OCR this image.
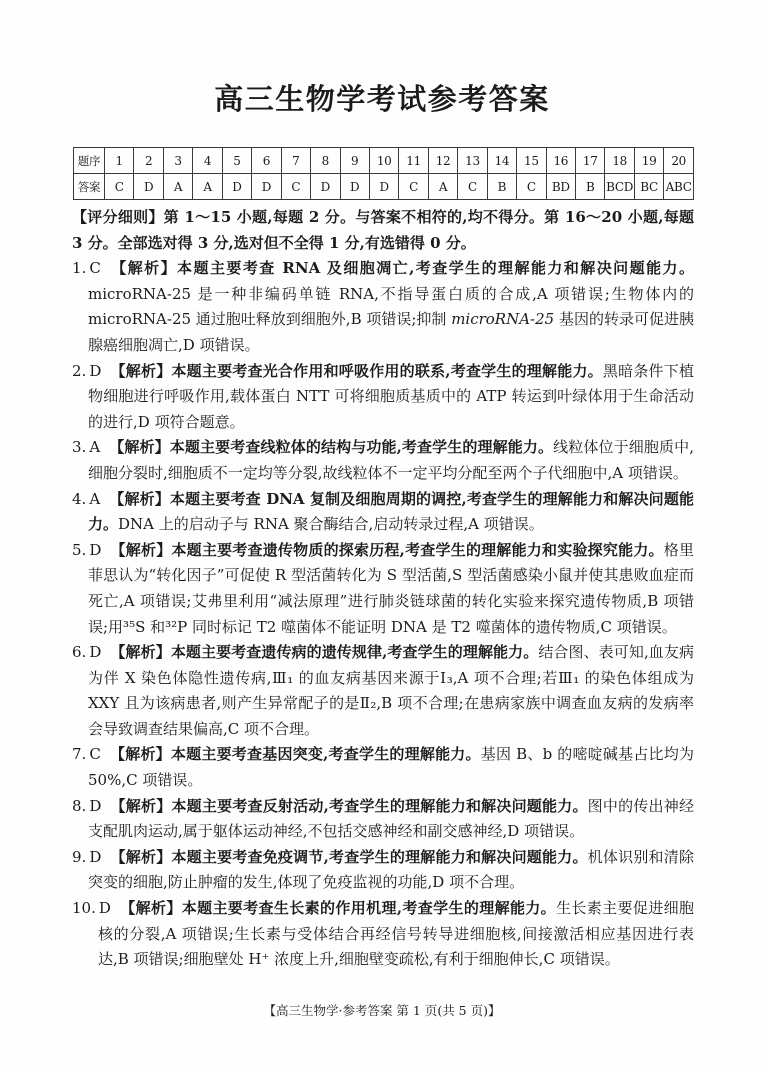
高三生物学考试参考答案
题序	1	2	3	4	5	6	7	8	9	10	11	12	13	14	15	16	17	18	19	20
答案	C	D	A	A	D	D	C	D	D	D	C	A	C	B	C	BD	B	BCD	BC	ABC

【评分细则】第 1～15 小题,每题 2 分。与答案不相符的,均不得分。第 16～20 小题,每题 3 分。全部选对得 3 分,选对但不全得 1 分,有选错得 0 分。

1. C 【解析】本题主要考查 RNA 及细胞凋亡,考查学生的理解能力和解决问题能力。microRNA-25 是一种非编码单链 RNA,不指导蛋白质的合成,A 项错误;生物体内的 microRNA-25 通过胞吐释放到细胞外,B 项错误;抑制 microRNA-25 基因的转录可促进胰腺癌细胞凋亡,D 项错误。

2. D 【解析】本题主要考查光合作用和呼吸作用的联系,考查学生的理解能力。黑暗条件下植物细胞进行呼吸作用,载体蛋白 NTT 可将细胞质基质中的 ATP 转运到叶绿体用于生命活动的进行,D 项符合题意。

3. A 【解析】本题主要考查线粒体的结构与功能,考查学生的理解能力。线粒体位于细胞质中,细胞分裂时,细胞质不一定均等分裂,故线粒体不一定平均分配至两个子代细胞中,A 项错误。

4. A 【解析】本题主要考查 DNA 复制及细胞周期的调控,考查学生的理解能力和解决问题能力。DNA 上的启动子与 RNA 聚合酶结合,启动转录过程,A 项错误。

5. D 【解析】本题主要考查遗传物质的探索历程,考查学生的理解能力和实验探究能力。格里菲思认为“转化因子”可促使 R 型活菌转化为 S 型活菌,S 型活菌感染小鼠并使其患败血症而死亡,A 项错误;艾弗里利用“减法原理”进行肺炎链球菌的转化实验来探究遗传物质,B 项错误;用³⁵S 和³²P 同时标记 T2 噬菌体不能证明 DNA 是 T2 噬菌体的遗传物质,C 项错误。

6. D 【解析】本题主要考查遗传病的遗传规律,考查学生的理解能力。结合图、表可知,血友病为伴 X 染色体隐性遗传病,Ⅲ₁ 的血友病基因来源于Ⅰ₃,A 项不合理;若Ⅲ₁ 的染色体组成为 XXY 且为该病患者,则产生异常配子的是Ⅱ₂,B 项不合理;在患病家族中调查血友病的发病率会导致调查结果偏高,C 项不合理。

7. C 【解析】本题主要考查基因突变,考查学生的理解能力。基因 B、b 的嘧啶碱基占比均为 50%,C 项错误。

8. D 【解析】本题主要考查反射活动,考查学生的理解能力和解决问题能力。图中的传出神经支配肌肉运动,属于躯体运动神经,不包括交感神经和副交感神经,D 项错误。

9. D 【解析】本题主要考查免疫调节,考查学生的理解能力和解决问题能力。机体识别和清除突变的细胞,防止肿瘤的发生,体现了免疫监视的功能,D 项不合理。

10. D 【解析】本题主要考查生长素的作用机理,考查学生的理解能力。生长素主要促进细胞核的分裂,A 项错误;生长素与受体结合再经信号转导进细胞核,间接激活相应基因进行表达,B 项错误;细胞壁处 H⁺ 浓度上升,细胞壁变疏松,有利于细胞伸长,C 项错误。

【高三生物学·参考答案 第 1 页(共 5 页)】
